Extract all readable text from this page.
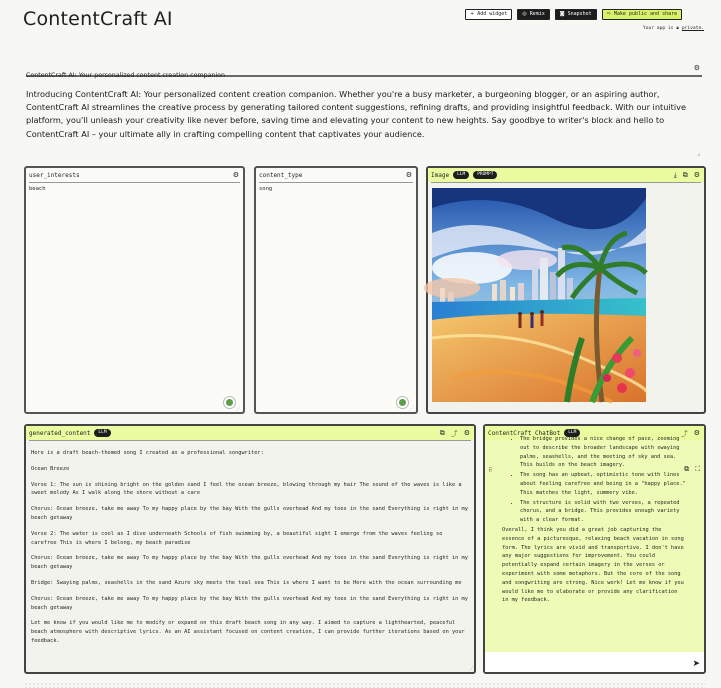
ContentCraft AI	+ Add widget	◎ Remix	◙ Snapshot	⇨ Make public and share
Your app is 🔒︎ private.
ContentCraft AI: Your personalized content creation companion
⚙
Introducing ContentCraft AI: Your personalized content creation companion. Whether you're a busy marketer, a burgeoning blogger, or an aspiring author, ContentCraft AI streamlines the creative process by generating tailored content suggestions, refining drafts, and providing insightful feedback. With our intuitive platform, you'll unleash your creativity like never before, saving time and elevating your content to new heights. Say goodbye to writer's block and hello to ContentCraft AI – your ultimate ally in crafting compelling content that captivates your audience.
⌟
user_interests	⚙
beach
⋰
content_type	⚙
song
⋰
Image	LLM	PROMPT	⤓ ⧉ ⚙
generated_content	LLM	⧉ ⤴ ⚙

Here is a draft beach-themed song I created as a professional songwriter:

Ocean Breeze

Verse 1: The sun is shining bright on the golden sand I feel the ocean breeze, blowing through my hair The sound of the waves is like a sweet melody As I walk along the shore without a care

Chorus: Ocean breeze, take me away To my happy place by the bay With the gulls overhead And my toes in the sand Everything is right in my beach getaway

Verse 2: The water is cool as I dive underneath Schools of fish swimming by, a beautiful sight I emerge from the waves feeling so carefree This is where I belong, my beach paradise

Chorus: Ocean breeze, take me away To my happy place by the bay With the gulls overhead And my toes in the sand Everything is right in my beach getaway

Bridge: Swaying palms, seashells in the sand Azure sky meets the teal sea This is where I want to be Here with the ocean surrounding me

Chorus: Ocean breeze, take me away To my happy place by the bay With the gulls overhead And my toes in the sand Everything is right in my beach getaway

Let me know if you would like me to modify or expand on this draft beach song in any way. I aimed to capture a lighthearted, peaceful beach atmosphere with descriptive lyrics. As an AI assistant focused on content creation, I can provide further iterations based on your feedback.

⋰
ContentCraft ChatBot	LLM	⤴ ⚙
⠿	⧉ ⛶
• The bridge provides a nice change of pace, zooming out to describe the broader landscape with swaying palms, seashells, and the meeting of sky and sea. This builds on the beach imagery.
• The song has an upbeat, optimistic tone with lines about feeling carefree and being in a "happy place." This matches the light, summery vibe.
• The structure is solid with two verses, a repeated chorus, and a bridge. This provides enough variety with a clear format.
Overall, I think you did a great job capturing the essence of a picturesque, relaxing beach vacation in song form. The lyrics are vivid and transportive. I don't have any major suggestions for improvement. You could potentially expand certain imagery in the verses or experiment with some metaphors. But the core of the song and songwriting are strong. Nice work! Let me know if you would like me to elaborate or provide any clarification in my feedback.
➤
